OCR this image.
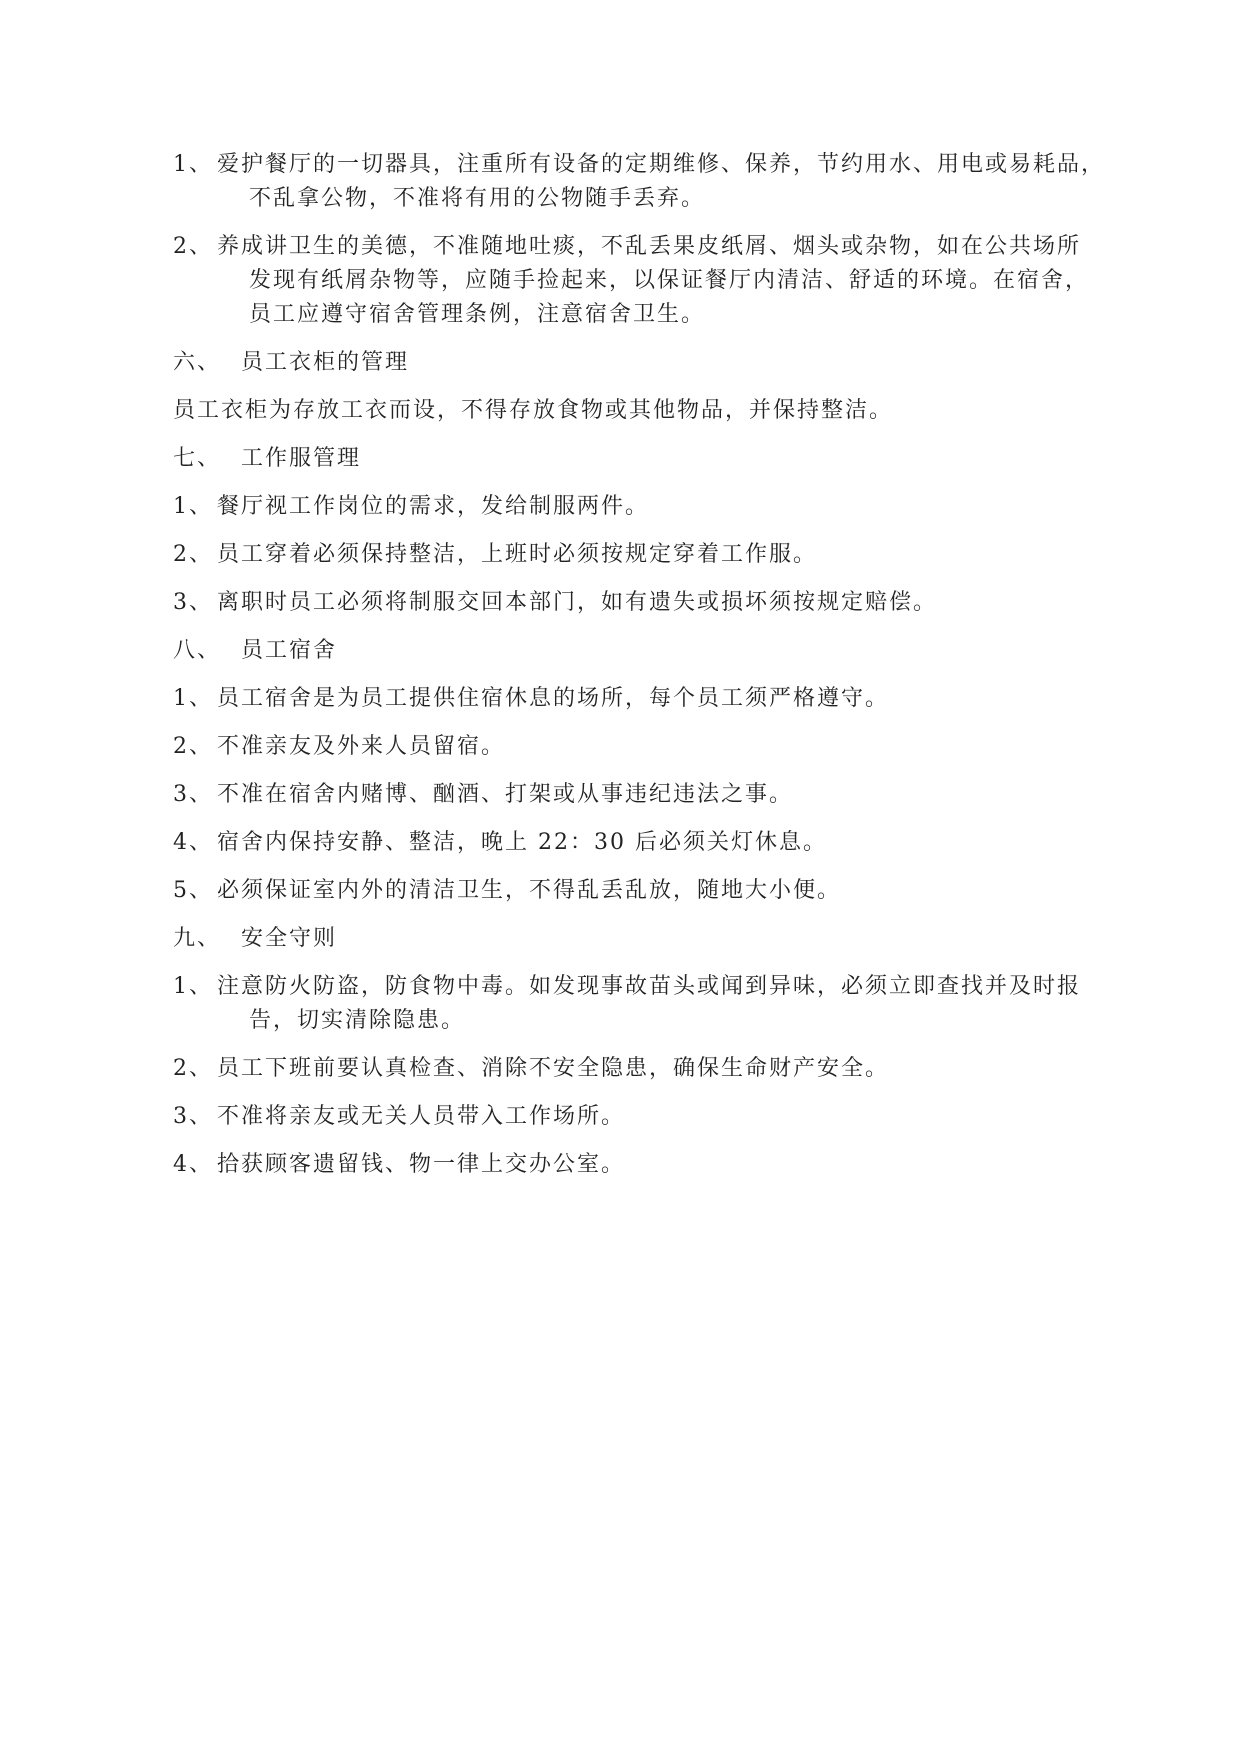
1、 爱护餐厅的一切器具，注重所有设备的定期维修、保养，节约用水、用电或易耗品，
不乱拿公物，不准将有用的公物随手丢弃。
2、 养成讲卫生的美德，不准随地吐痰，不乱丢果皮纸屑、烟头或杂物，如在公共场所
发现有纸屑杂物等，应随手捡起来，以保证餐厅内清洁、舒适的环境。在宿舍，
员工应遵守宿舍管理条例，注意宿舍卫生。
六、 员工衣柜的管理
员工衣柜为存放工衣而设，不得存放食物或其他物品，并保持整洁。
七、 工作服管理
1、 餐厅视工作岗位的需求，发给制服两件。
2、 员工穿着必须保持整洁，上班时必须按规定穿着工作服。
3、 离职时员工必须将制服交回本部门，如有遗失或损坏须按规定赔偿。
八、 员工宿舍
1、 员工宿舍是为员工提供住宿休息的场所，每个员工须严格遵守。
2、 不准亲友及外来人员留宿。
3、 不准在宿舍内赌博、酗酒、打架或从事违纪违法之事。
4、 宿舍内保持安静、整洁，晚上 22：30 后必须关灯休息。
5、 必须保证室内外的清洁卫生，不得乱丢乱放，随地大小便。
九、 安全守则
1、 注意防火防盗，防食物中毒。如发现事故苗头或闻到异味，必须立即查找并及时报
告，切实清除隐患。
2、 员工下班前要认真检查、消除不安全隐患，确保生命财产安全。
3、 不准将亲友或无关人员带入工作场所。
4、 拾获顾客遗留钱、物一律上交办公室。
